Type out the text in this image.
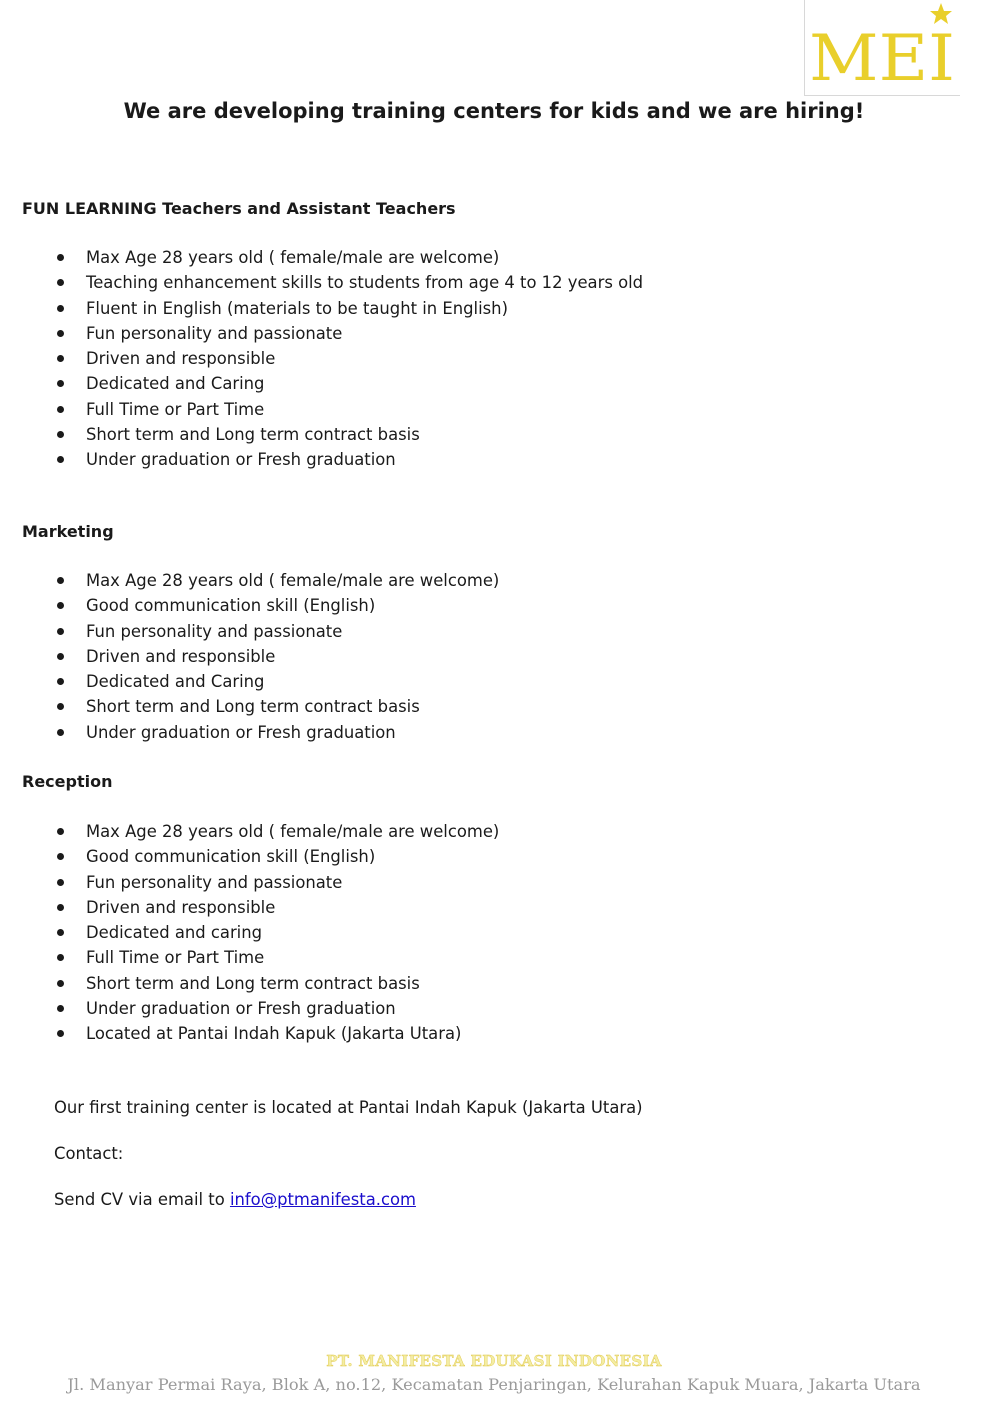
MEI
We are developing training centers for kids and we are hiring!
FUN LEARNING Teachers and Assistant Teachers
Max Age 28 years old ( female/male are welcome)
Teaching enhancement skills to students from age 4 to 12 years old
Fluent in English (materials to be taught in English)
Fun personality and passionate
Driven and responsible
Dedicated and Caring
Full Time or Part Time
Short term and Long term contract basis
Under graduation or Fresh graduation
Marketing
Max Age 28 years old ( female/male are welcome)
Good communication skill (English)
Fun personality and passionate
Driven and responsible
Dedicated and Caring
Short term and Long term contract basis
Under graduation or Fresh graduation
Reception
Max Age 28 years old ( female/male are welcome)
Good communication skill (English)
Fun personality and passionate
Driven and responsible
Dedicated and caring
Full Time or Part Time
Short term and Long term contract basis
Under graduation or Fresh graduation
Located at Pantai Indah Kapuk (Jakarta Utara)

Our first training center is located at Pantai Indah Kapuk (Jakarta Utara)

Contact:

Send CV via email to info@ptmanifesta.com

PT. MANIFESTA EDUKASI INDONESIA

Jl. Manyar Permai Raya, Blok A, no.12, Kecamatan Penjaringan, Kelurahan Kapuk Muara, Jakarta Utara
